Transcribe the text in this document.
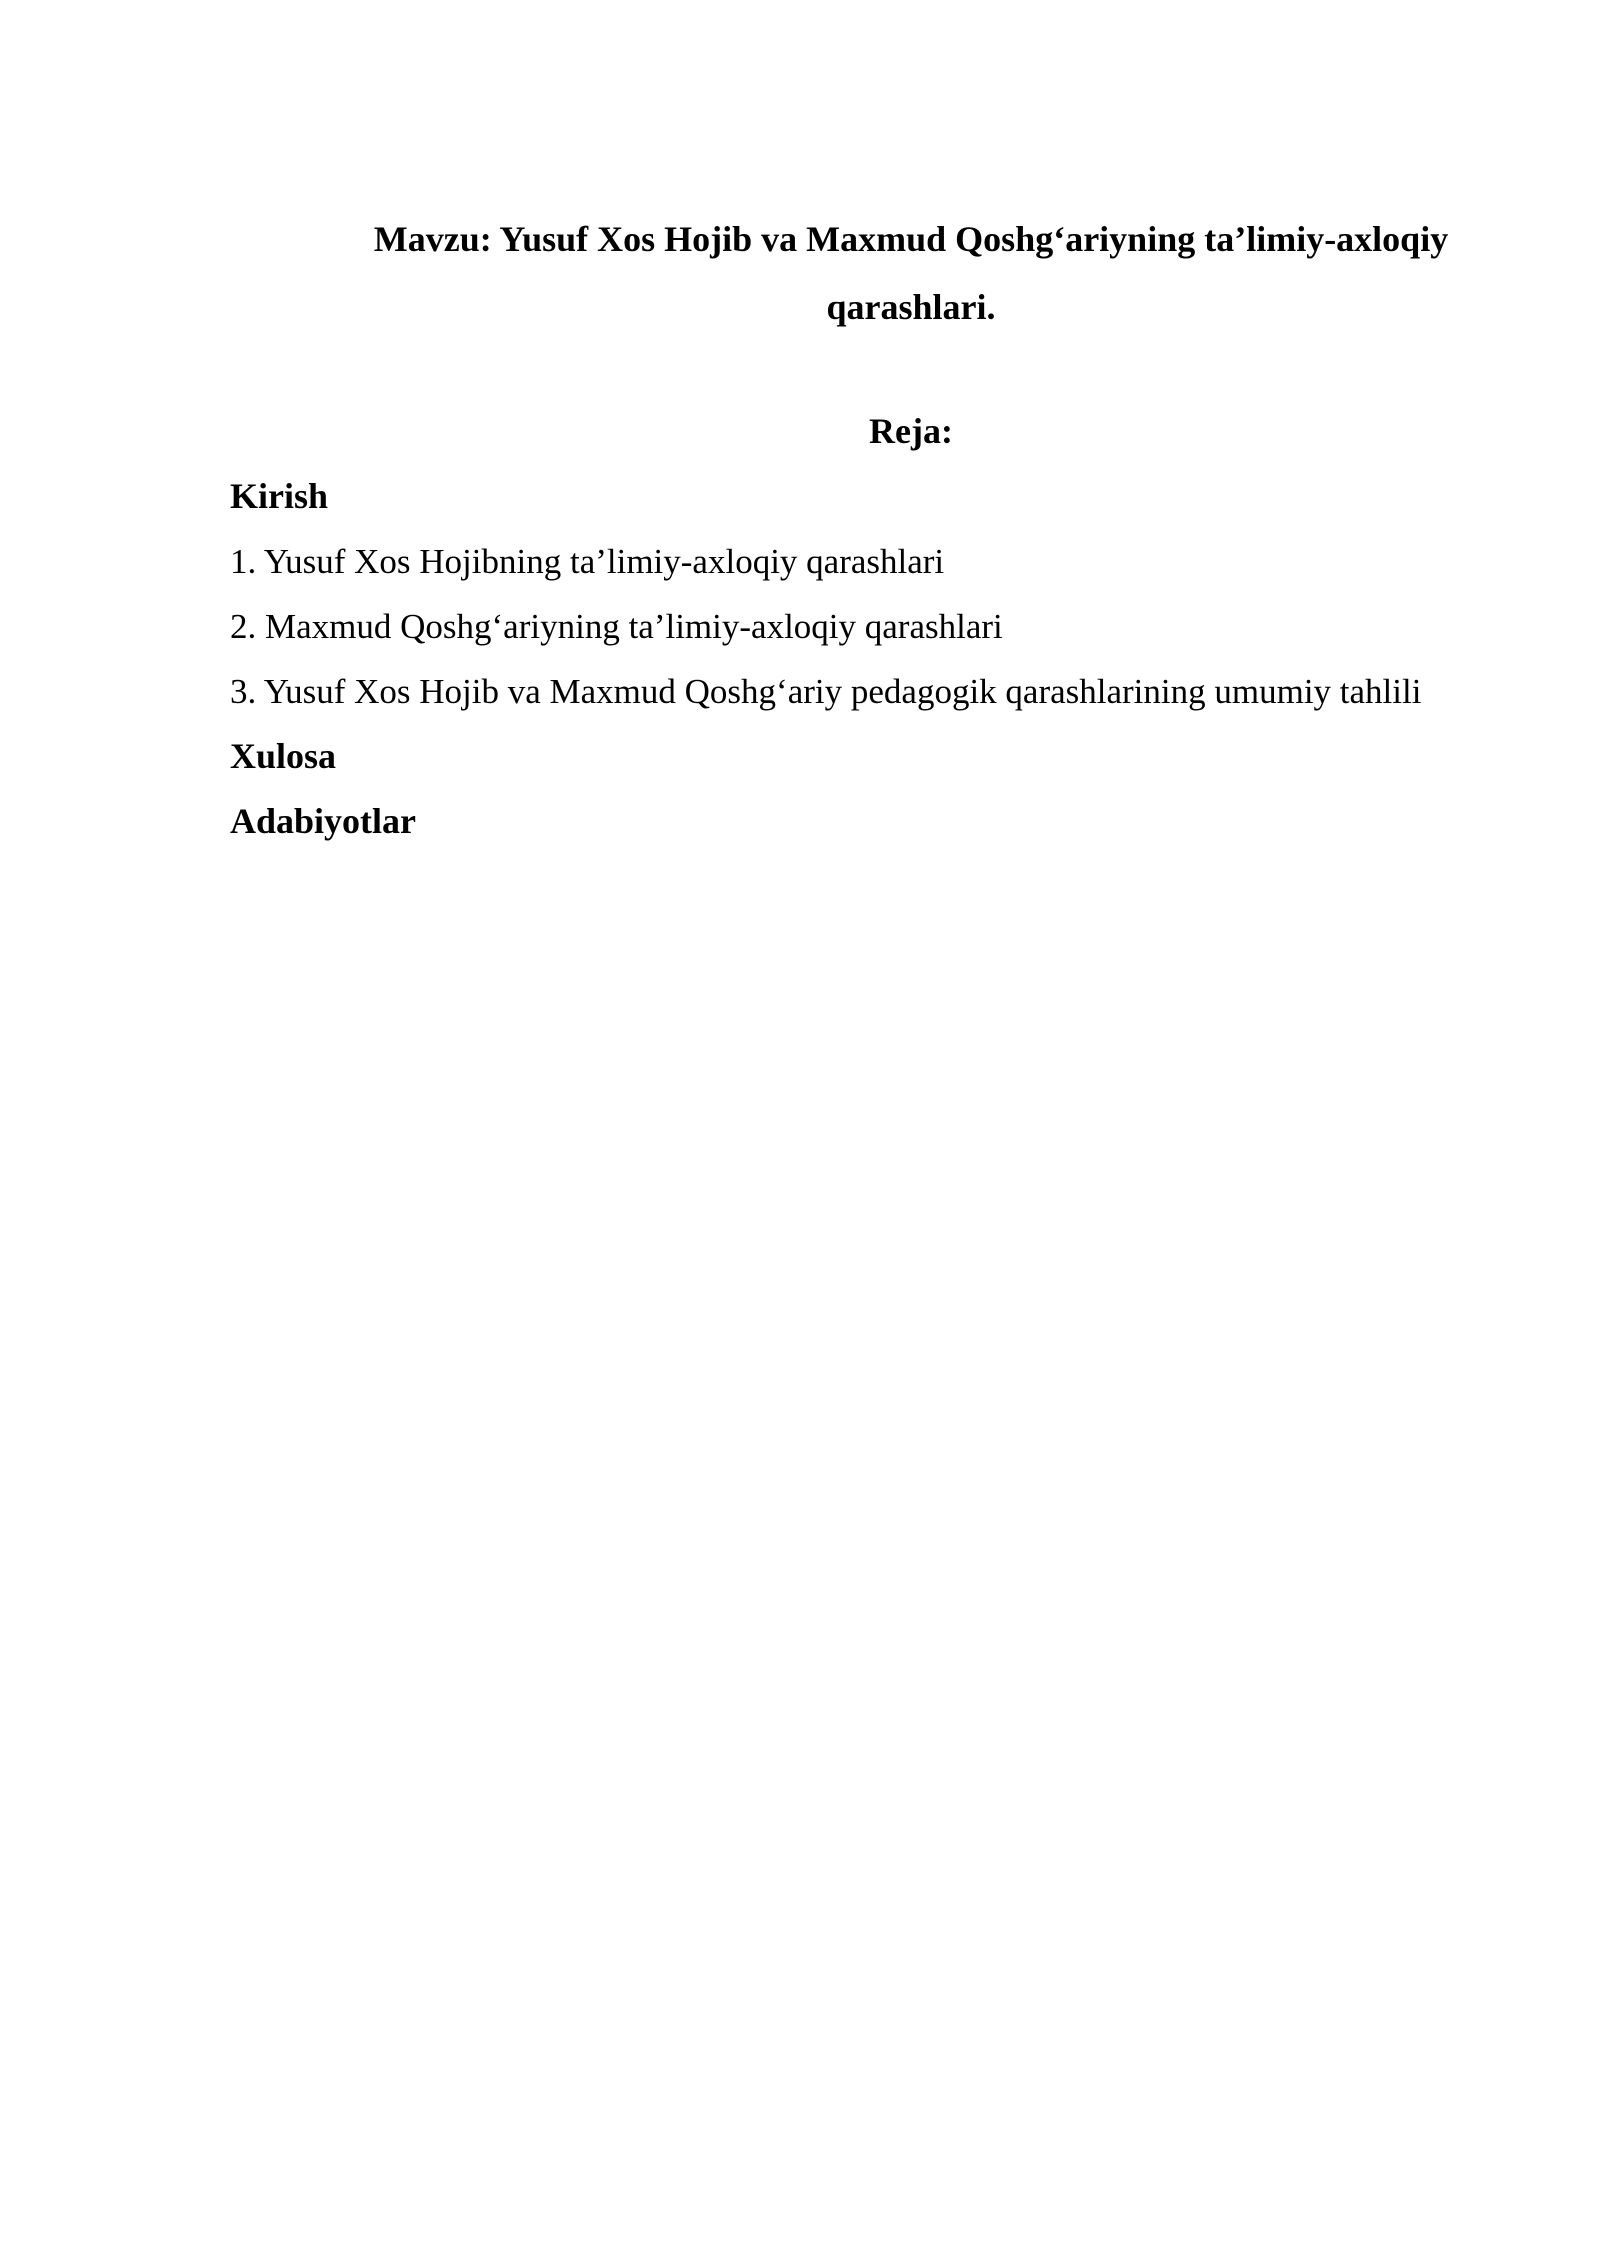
Mavzu: Yusuf Xos Hojib va Maxmud Qoshg‘ariyning ta’limiy-axloqiy
qarashlari.
Reja:
Kirish
1. Yusuf Xos Hojibning ta’limiy-axloqiy qarashlari
2. Maxmud Qoshg‘ariyning ta’limiy-axloqiy qarashlari
3. Yusuf Xos Hojib va Maxmud Qoshg‘ariy pedagogik qarashlarining umumiy tahlili
Xulosa
Adabiyotlar
